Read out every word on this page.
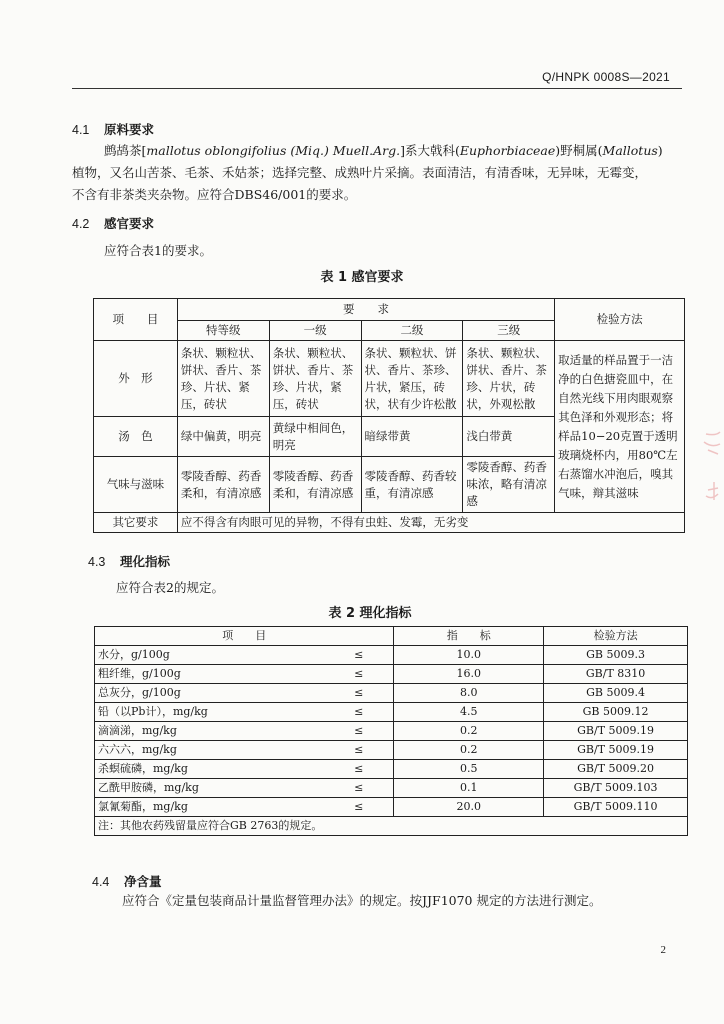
Q/HNPK 0008S—2021
4.1 原料要求
鹧鸪茶[mallotus oblongifolius (Miq.) Muell.Arg.]系大戟科(Euphorbiaceae)野桐属(Mallotus)
植物，又名山苦茶、毛茶、禾姑茶；选择完整、成熟叶片采摘。表面清洁，有清香味，无异味，无霉变，
不含有非茶类夹杂物。应符合DBS46/001的要求。
4.2 感官要求
应符合表1的要求。
表 1 感官要求
项　　目	要　　求				检验方法
	特等级	一级	二级	三级	
外　形	条状、颗粒状、饼状、香片、茶珍、片状、紧压，砖状	条状、颗粒状、饼状、香片、茶珍、片状，紧压，砖状	条状、颗粒状、饼状、香片、茶珍、片状，紧压，砖状，状有少许松散	条状、颗粒状、饼状、香片、茶珍、片状，砖状，外观松散	取适量的样品置于一洁净的白色搪瓷皿中，在自然光线下用肉眼观察其色泽和外观形态；将样品10−20克置于透明玻璃烧杯内，用80℃左右蒸馏水冲泡后，嗅其气味，辩其滋味
汤　色	绿中偏黄，明亮	黄绿中相间色，明亮	暗绿带黄	浅白带黄	
气味与滋味	零陵香醇、药香柔和，有清凉感	零陵香醇、药香柔和，有清凉感	零陵香醇、药香较重，有清凉感	零陵香醇、药香味浓，略有清凉感	
其它要求	应不得含有肉眼可见的异物，不得有虫蛀、发霉，无劣变				
4.3 理化指标
应符合表2的规定。
表 2 理化指标
项　　目		指　　标	检验方法
水分，g/100g	≤	10.0	GB 5009.3
粗纤维，g/100g	≤	16.0	GB/T 8310
总灰分，g/100g	≤	8.0	GB 5009.4
铅（以Pb计），mg/kg	≤	4.5	GB 5009.12
滴滴涕，mg/kg	≤	0.2	GB/T 5009.19
六六六，mg/kg	≤	0.2	GB/T 5009.19
杀螟硫磷，mg/kg	≤	0.5	GB/T 5009.20
乙酰甲胺磷，mg/kg	≤	0.1	GB/T 5009.103
氯氰菊酯，mg/kg	≤	20.0	GB/T 5009.110
注：其他农药残留量应符合GB 2763的规定。			
4.4 净含量
应符合《定量包装商品计量监督管理办法》的规定。按JJF1070 规定的方法进行测定。
2
